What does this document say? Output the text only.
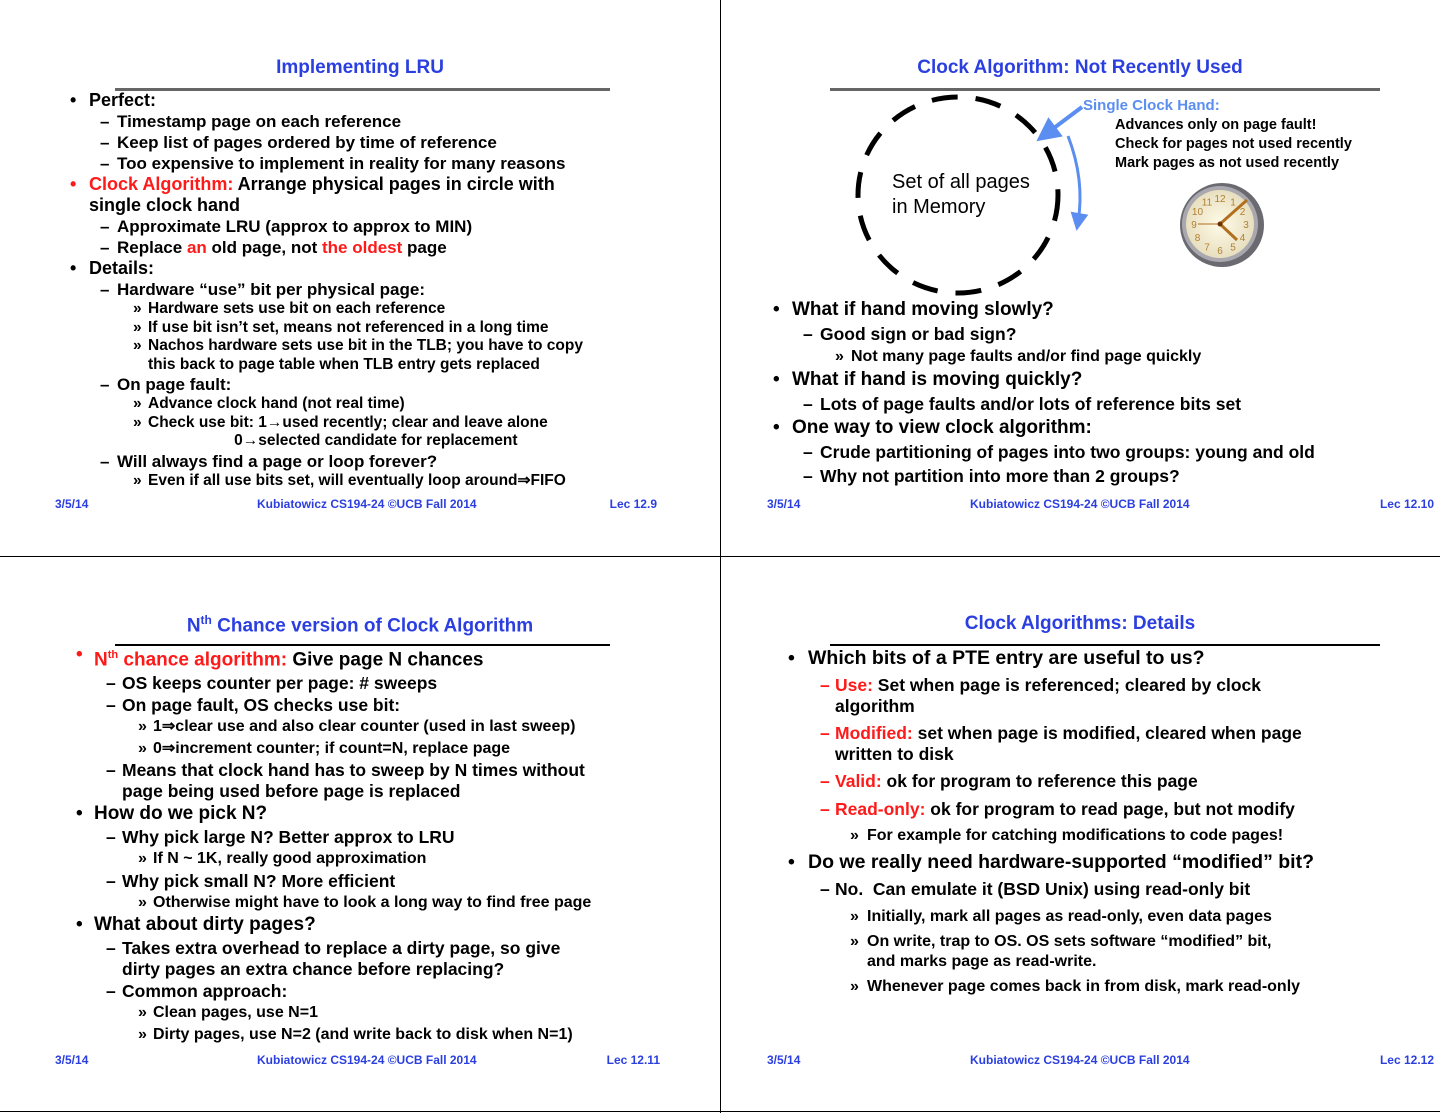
Implementing LRU
• Perfect:
– Timestamp page on each reference
– Keep list of pages ordered by time of reference
– Too expensive to implement in reality for many reasons
• Clock Algorithm: Arrange physical pages in circle with
single clock hand
– Approximate LRU (approx to approx to MIN)
– Replace an old page, not the oldest page
• Details:
– Hardware “use” bit per physical page:
» Hardware sets use bit on each reference
» If use bit isn’t set, means not referenced in a long time
» Nachos hardware sets use bit in the TLB; you have to copy
this back to page table when TLB entry gets replaced
– On page fault:
» Advance clock hand (not real time)
» Check use bit: 1→used recently; clear and leave alone
0→selected candidate for replacement
– Will always find a page or loop forever?
» Even if all use bits set, will eventually loop around⇒FIFO
3/5/14	Kubiatowicz CS194-24 ©UCB Fall 2014	Lec 12.9
Clock Algorithm: Not Recently Used
12 1
2
3
4
5
6
7
8
9
10
11
Set of all pages
in Memory
Single Clock Hand:
Advances only on page fault!
Check for pages not used recently
Mark pages as not used recently
• What if hand moving slowly?
– Good sign or bad sign?
» Not many page faults and/or find page quickly
• What if hand is moving quickly?
– Lots of page faults and/or lots of reference bits set
• One way to view clock algorithm:
– Crude partitioning of pages into two groups: young and old
– Why not partition into more than 2 groups?
3/5/14	Kubiatowicz CS194-24 ©UCB Fall 2014	Lec 12.10
$N^{th}$ Chance version of Clock Algorithm
• $N^{th}$ chance algorithm: Give page N chances
– OS keeps counter per page: # sweeps
– On page fault, OS checks use bit:
» 1⇒clear use and also clear counter (used in last sweep)
» 0⇒increment counter; if count=N, replace page
– Means that clock hand has to sweep by N times without
page being used before page is replaced
• How do we pick N?
– Why pick large N? Better approx to LRU
» If N ~ 1K, really good approximation
– Why pick small N? More efficient
» Otherwise might have to look a long way to find free page
• What about dirty pages?
– Takes extra overhead to replace a dirty page, so give
dirty pages an extra chance before replacing?
– Common approach:
» Clean pages, use N=1
» Dirty pages, use N=2 (and write back to disk when N=1)
3/5/14	Kubiatowicz CS194-24 ©UCB Fall 2014	Lec 12.11
Clock Algorithms: Details
• Which bits of a PTE entry are useful to us?
– Use: Set when page is referenced; cleared by clock
algorithm
– Modified: set when page is modified, cleared when page
written to disk
– Valid: ok for program to reference this page
– Read-only: ok for program to read page, but not modify
» For example for catching modifications to code pages!
• Do we really need hardware-supported “modified” bit?
– No.  Can emulate it (BSD Unix) using read-only bit
» Initially, mark all pages as read-only, even data pages
» On write, trap to OS. OS sets software “modified” bit,
and marks page as read-write.
» Whenever page comes back in from disk, mark read-only
3/5/14	Kubiatowicz CS194-24 ©UCB Fall 2014	Lec 12.12
